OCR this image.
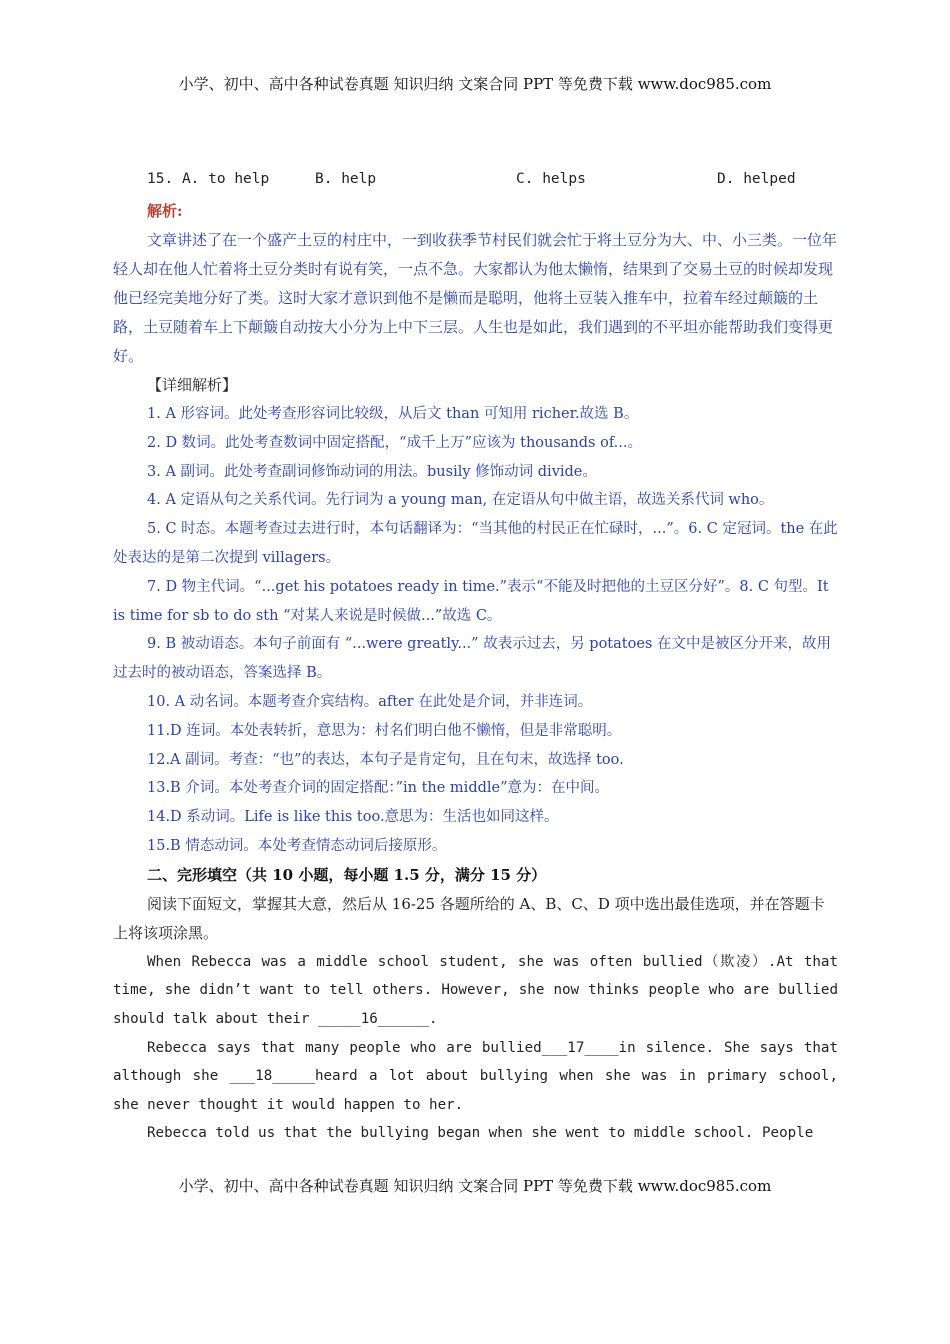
小学、初中、高中各种试卷真题 知识归纳 文案合同 PPT 等免费下载 www.doc985.com
15. A. to help	B. help	C. helps	D. helped
解析:

文章讲述了在一个盛产土豆的村庄中，一到收获季节村民们就会忙于将土豆分为大、中、小三类。一位年轻人却在他人忙着将土豆分类时有说有笑，一点不急。大家都认为他太懒惰，结果到了交易土豆的时候却发现他已经完美地分好了类。这时大家才意识到他不是懒而是聪明，他将土豆装入推车中，拉着车经过颠簸的土路，土豆随着车上下颠簸自动按大小分为上中下三层。人生也是如此，我们遇到的不平坦亦能帮助我们变得更好。

【详细解析】

1. A 形容词。此处考查形容词比较级，从后文 than 可知用 richer.故选 B。

2. D 数词。此处考查数词中固定搭配，“成千上万”应该为 thousands of...。

3. A 副词。此处考查副词修饰动词的用法。busily 修饰动词 divide。

4. A 定语从句之关系代词。先行词为 a young man, 在定语从句中做主语，故选关系代词 who。

5. C 时态。本题考查过去进行时，本句话翻译为：“当其他的村民正在忙碌时，...”。6. C 定冠词。the 在此处表达的是第二次提到 villagers。

7. D 物主代词。“...get his potatoes ready in time.”表示“不能及时把他的土豆区分好”。8. C 句型。It is time for sb to do sth “对某人来说是时候做...”故选 C。

9. B 被动语态。本句子前面有 “...were greatly...” 故表示过去，另 potatoes 在文中是被区分开来，故用过去时的被动语态，答案选择 B。

10. A 动名词。本题考查介宾结构。after 在此处是介词，并非连词。

11.D 连词。本处表转折，意思为：村名们明白他不懒惰，但是非常聪明。

12.A 副词。考查：“也”的表达，本句子是肯定句，且在句末，故选择 too.

13.B 介词。本处考查介词的固定搭配：”in the middle”意为：在中间。

14.D 系动词。Life is like this too.意思为：生活也如同这样。

15.B 情态动词。本处考查情态动词后接原形。

二、完形填空（共 10 小题，每小题 1.5 分，满分 15 分）

阅读下面短文，掌握其大意，然后从 16-25 各题所给的 A、B、C、D 项中选出最佳选项，并在答题卡上将该项涂黑。

When Rebecca was a middle school student, she was often bullied（欺凌）.At that time, she didn’t want to tell others. However, she now thinks people who are bullied should talk about their _____16______.

Rebecca says that many people who are bullied___17____in silence. She says that although she ___18_____heard a lot about bullying when she was in primary school, she never thought it would happen to her.

Rebecca told us that the bullying began when she went to middle school. People

小学、初中、高中各种试卷真题 知识归纳 文案合同 PPT 等免费下载 www.doc985.com
